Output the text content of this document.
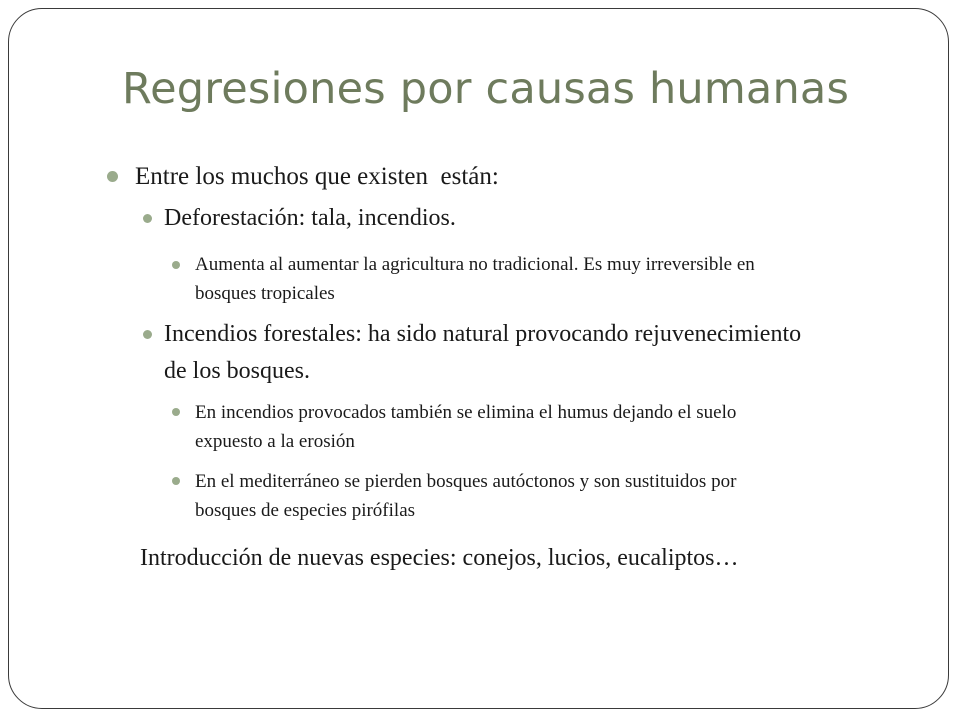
Regresiones por causas humanas
Entre los muchos que existen  están:
Deforestación: tala, incendios.
Aumenta al aumentar la agricultura no tradicional. Es muy irreversible en
bosques tropicales
Incendios forestales: ha sido natural provocando rejuvenecimiento
de los bosques.
En incendios provocados también se elimina el humus dejando el suelo
expuesto a la erosión
En el mediterráneo se pierden bosques autóctonos y son sustituidos por
bosques de especies pirófilas
Introducción de nuevas especies: conejos, lucios, eucaliptos…
